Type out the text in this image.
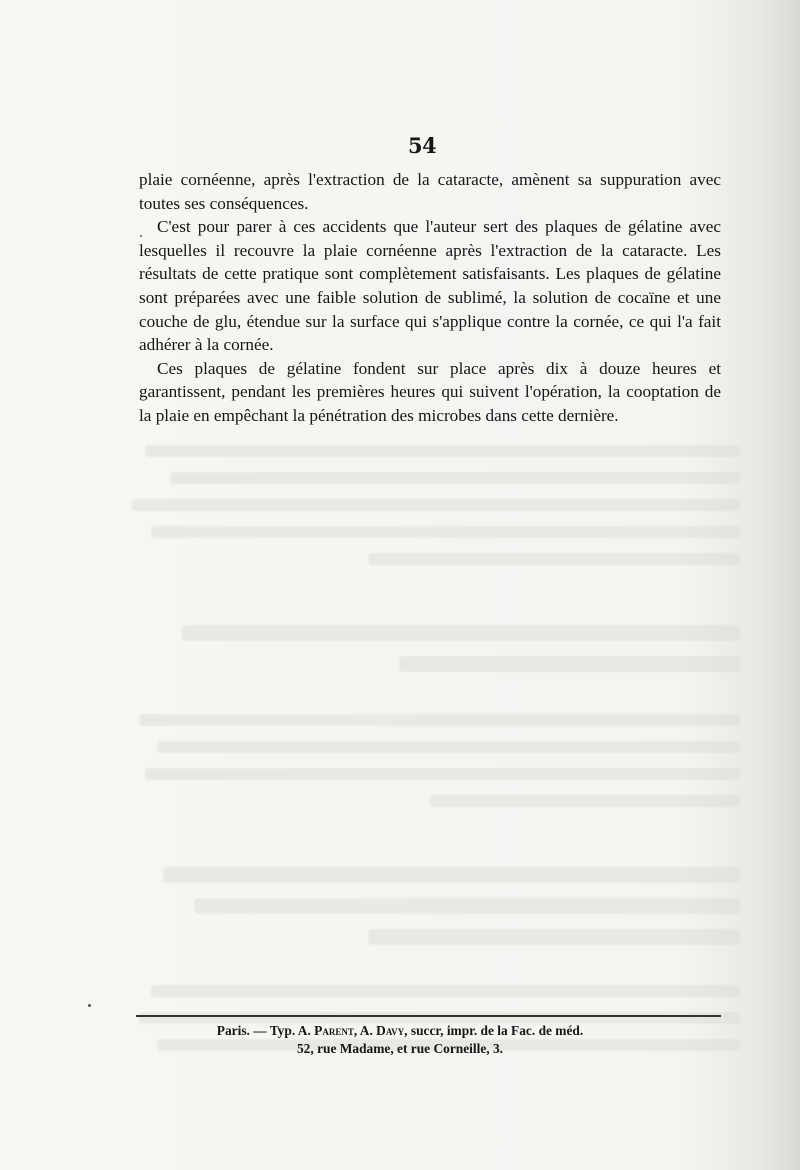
54

plaie cornéenne, après l'extraction de la cataracte, amènent sa suppuration avec toutes ses conséquences.

C'est pour parer à ces accidents que l'auteur sert des plaques de gélatine avec lesquelles il recouvre la plaie cornéenne après l'extraction de la cataracte. Les résultats de cette pratique sont complètement satisfaisants. Les plaques de gélatine sont préparées avec une faible solution de sublimé, la solution de cocaïne et une couche de glu, étendue sur la surface qui s'applique contre la cornée, ce qui l'a fait adhérer à la cornée.

Ces plaques de gélatine fondent sur place après dix à douze heures et garantissent, pendant les premières heures qui suivent l'opération, la cooptation de la plaie en empêchant la pénétration des microbes dans cette dernière.

Paris. — Typ. A. Parent, A. Davy, succr, impr. de la Fac. de méd.
52, rue Madame, et rue Corneille, 3.
